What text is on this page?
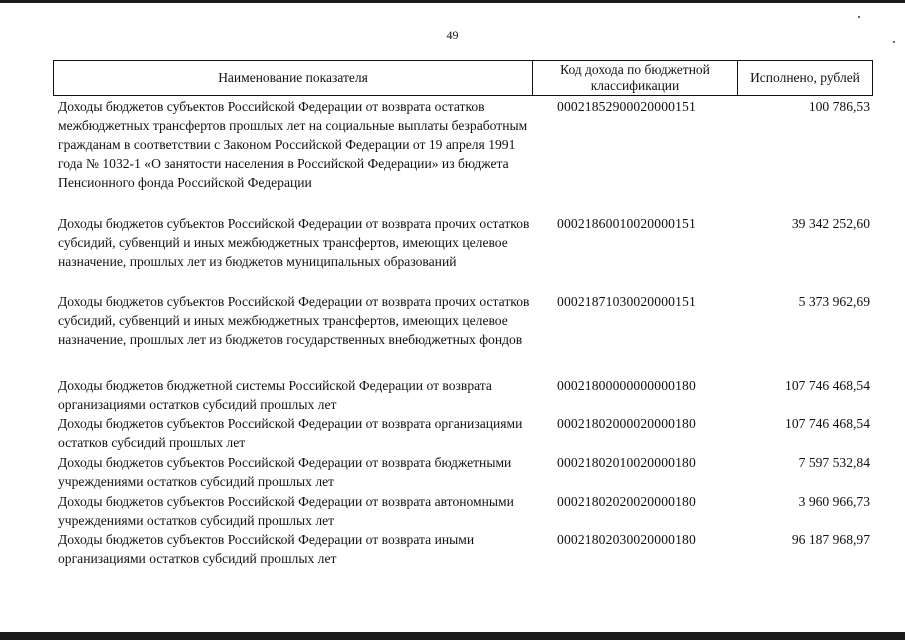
49
Наименование показателя
Код дохода по бюджетной классификации
Исполнено, рублей
Доходы бюджетов субъектов Российской Федерации от возврата остатков межбюджетных трансфертов прошлых лет на социальные выплаты безработным гражданам в соответствии с Законом Российской Федерации от 19 апреля 1991 года № 1032-1 «О занятости населения в Российской Федерации» из бюджета Пенсионного фонда Российской Федерации
00021852900020000151	100 786,53
Доходы бюджетов субъектов Российской Федерации от возврата прочих остатков субсидий, субвенций и иных межбюджетных трансфертов, имеющих целевое назначение, прошлых лет из бюджетов муниципальных образований
00021860010020000151	39 342 252,60
Доходы бюджетов субъектов Российской Федерации от возврата прочих остатков субсидий, субвенций и иных межбюджетных трансфертов, имеющих целевое назначение, прошлых лет из бюджетов государственных внебюджетных фондов
00021871030020000151	5 373 962,69
Доходы бюджетов бюджетной системы Российской Федерации от возврата организациями остатков субсидий прошлых лет
00021800000000000180	107 746 468,54
Доходы бюджетов субъектов Российской Федерации от возврата организациями остатков субсидий прошлых лет
00021802000020000180	107 746 468,54
Доходы бюджетов субъектов Российской Федерации от возврата бюджетными учреждениями остатков субсидий прошлых лет
00021802010020000180	7 597 532,84
Доходы бюджетов субъектов Российской Федерации от возврата автономными учреждениями остатков субсидий прошлых лет
00021802020020000180	3 960 966,73
Доходы бюджетов субъектов Российской Федерации от возврата иными организациями остатков субсидий прошлых лет
00021802030020000180	96 187 968,97
